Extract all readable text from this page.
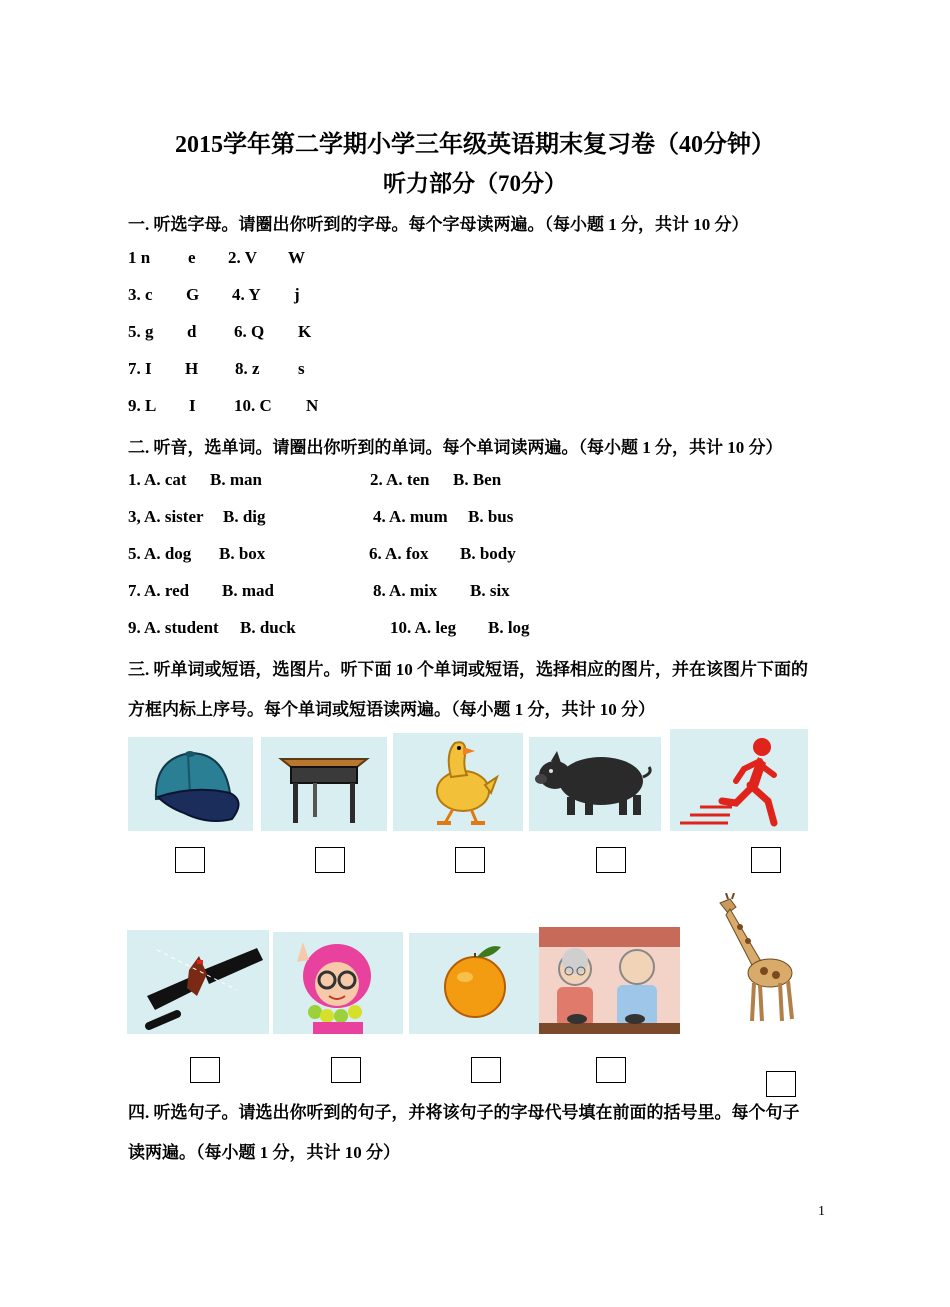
2015学年第二学期小学三年级英语期末复习卷（40分钟）
听力部分（70分）
一. 听选字母。请圈出你听到的字母。每个字母读两遍。（每小题 1 分，共计 10 分）
1 n e 2. V W
3. c G 4. Y j
5. g d 6. Q K
7. I H 8. z s
9. L I 10. C N
二. 听音，选单词。请圈出你听到的单词。每个单词读两遍。（每小题 1 分，共计 10 分）
1. A. cat B. man	2. A. ten B. Ben
3, A. sister B. dig	4. A. mum B. bus
5. A. dog B. box	6. A. fox B. body
7. A. red B. mad	8. A. mix B. six
9. A. student B. duck	10. A. leg B. log
三. 听单词或短语，选图片。听下面 10 个单词或短语，选择相应的图片，并在该图片下面的
方框内标上序号。每个单词或短语读两遍。（每小题 1 分，共计 10 分）
四. 听选句子。请选出你听到的句子，并将该句子的字母代号填在前面的括号里。每个句子
读两遍。（每小题 1 分，共计 10 分）
1
